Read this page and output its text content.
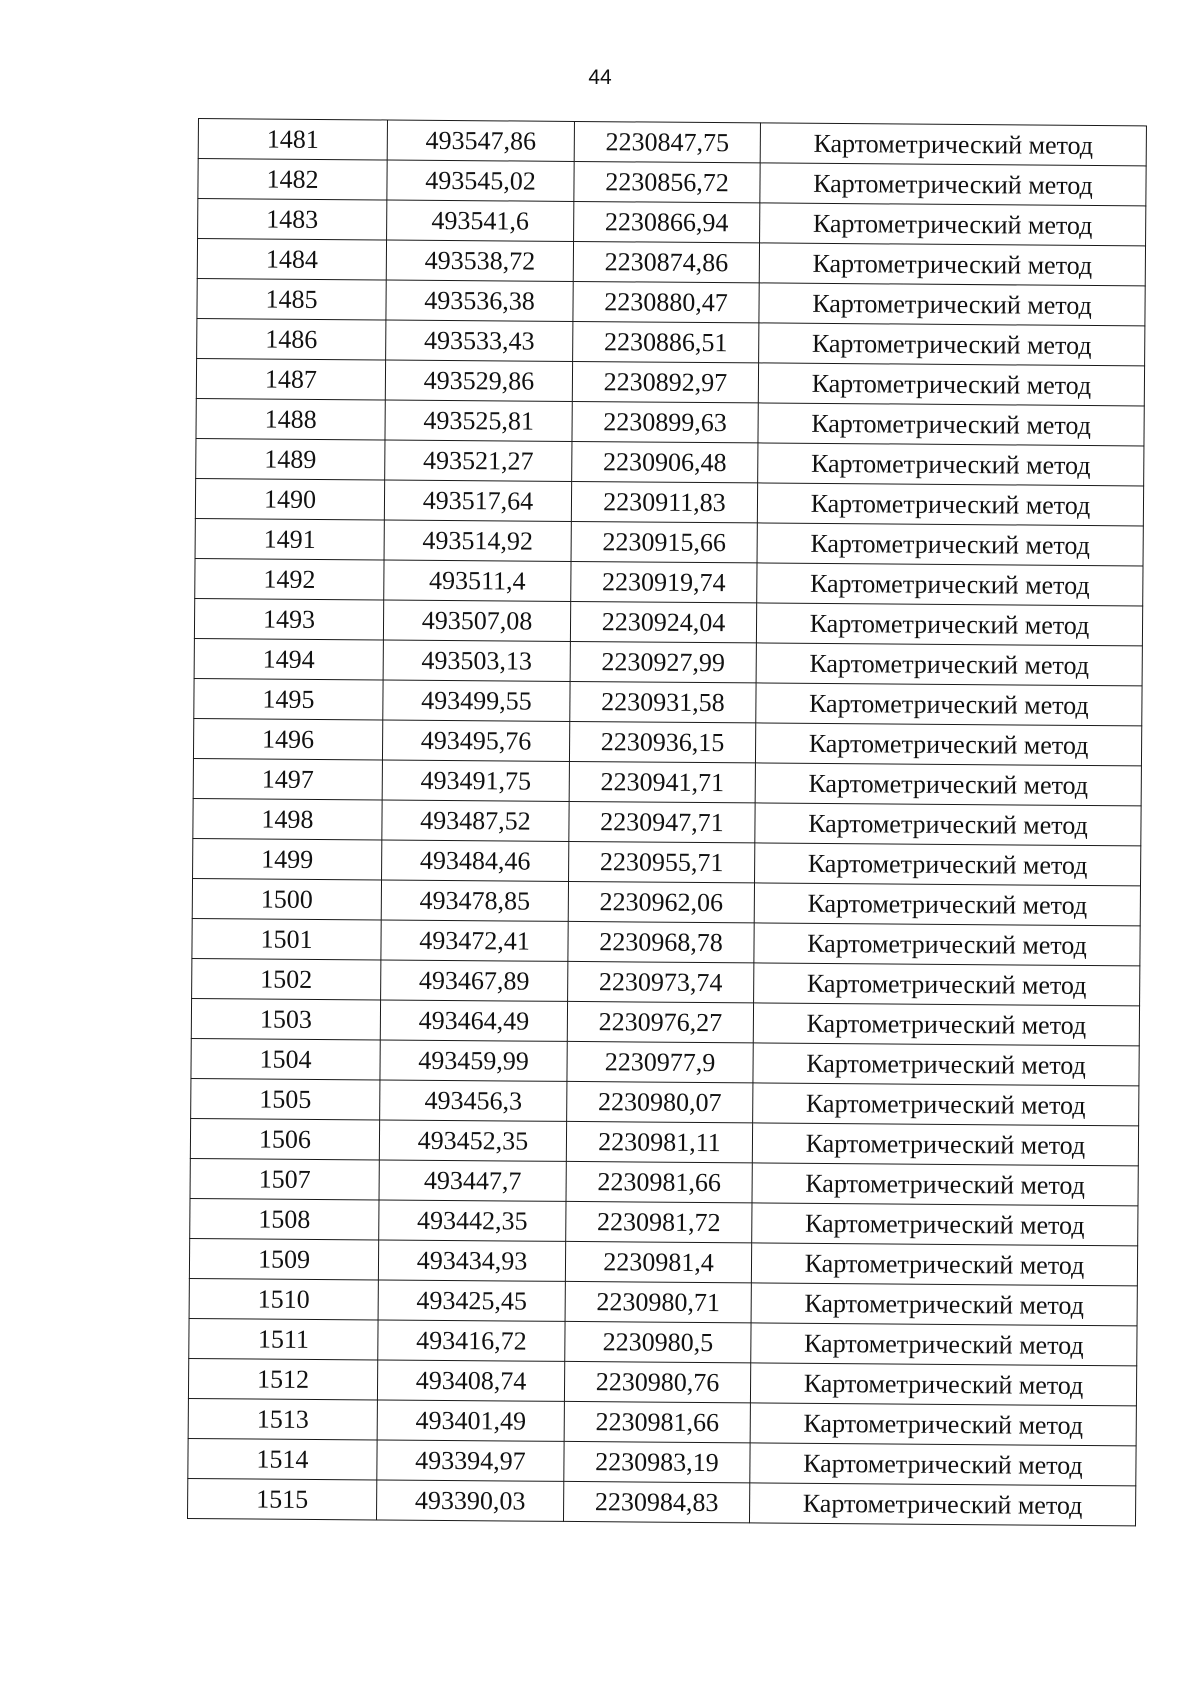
44
1481	493547,86	2230847,75	Картометрический метод
1482	493545,02	2230856,72	Картометрический метод
1483	493541,6	2230866,94	Картометрический метод
1484	493538,72	2230874,86	Картометрический метод
1485	493536,38	2230880,47	Картометрический метод
1486	493533,43	2230886,51	Картометрический метод
1487	493529,86	2230892,97	Картометрический метод
1488	493525,81	2230899,63	Картометрический метод
1489	493521,27	2230906,48	Картометрический метод
1490	493517,64	2230911,83	Картометрический метод
1491	493514,92	2230915,66	Картометрический метод
1492	493511,4	2230919,74	Картометрический метод
1493	493507,08	2230924,04	Картометрический метод
1494	493503,13	2230927,99	Картометрический метод
1495	493499,55	2230931,58	Картометрический метод
1496	493495,76	2230936,15	Картометрический метод
1497	493491,75	2230941,71	Картометрический метод
1498	493487,52	2230947,71	Картометрический метод
1499	493484,46	2230955,71	Картометрический метод
1500	493478,85	2230962,06	Картометрический метод
1501	493472,41	2230968,78	Картометрический метод
1502	493467,89	2230973,74	Картометрический метод
1503	493464,49	2230976,27	Картометрический метод
1504	493459,99	2230977,9	Картометрический метод
1505	493456,3	2230980,07	Картометрический метод
1506	493452,35	2230981,11	Картометрический метод
1507	493447,7	2230981,66	Картометрический метод
1508	493442,35	2230981,72	Картометрический метод
1509	493434,93	2230981,4	Картометрический метод
1510	493425,45	2230980,71	Картометрический метод
1511	493416,72	2230980,5	Картометрический метод
1512	493408,74	2230980,76	Картометрический метод
1513	493401,49	2230981,66	Картометрический метод
1514	493394,97	2230983,19	Картометрический метод
1515	493390,03	2230984,83	Картометрический метод
